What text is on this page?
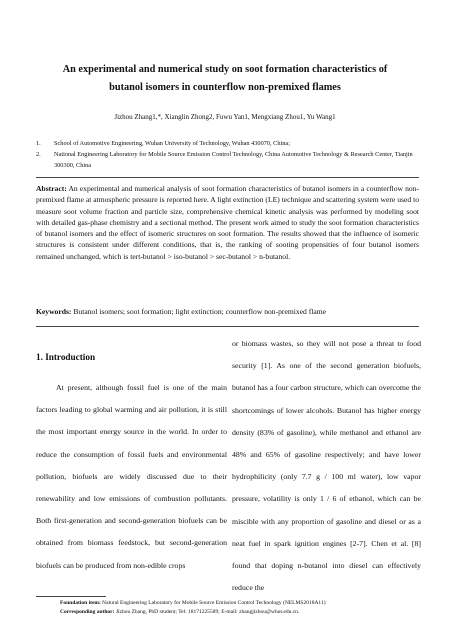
An experimental and numerical study on soot formation characteristics of
butanol isomers in counterflow non-premixed flames
Jizhou Zhang1,*, Xianglin Zhong2, Fuwu Yan1, Mengxiang Zhou1, Yu Wang1
1.	School of Automotive Engineering, Wuhan University of Technology, Wuhan 430070, China;
2.	National Engineering Laboratory for Mobile Source Emission Control Technology, China Automotive Technology & Research Center, Tianjin 300300, China

Abstract: An experimental and numerical analysis of soot formation characteristics of butanol isomers in a counterflow non-premixed flame at atmospheric pressure is reported here. A light extinction (LE) technique and scattering system were used to measure soot volume fraction and particle size, comprehensive chemical kinetic analysis was performed by modeling soot with detailed gas-phase chemistry and a sectional method. The present work aimed to study the soot formation characteristics of butanol isomers and the effect of isomeric structures on soot formation. The results showed that the influence of isomeric structures is consistent under different conditions, that is, the ranking of sooting propensities of four butanol isomers remained unchanged, which is tert-butanol > iso-butanol > sec-butanol > n-butanol.

Keywords: Butanol isomers; soot formation; light extinction; counterflow non-premixed flame
1. Introduction

At present, although fossil fuel is one of the main factors leading to global warming and air pollution, it is still the most important energy source in the world. In order to reduce the consumption of fossil fuels and environmental pollution, biofuels are widely discussed due to their renewability and low emissions of combustion pollutants. Both first-generation and second-generation biofuels can be obtained from biomass feedstock, but second-generation biofuels can be produced from non-edible crops

or biomass wastes, so they will not pose a threat to food security [1]. As one of the second generation biofuels, butanol has a four carbon structure, which can overcome the shortcomings of lower alcohols. Butanol has higher energy density (83% of gasoline), while methanol and ethanol are 48% and 65% of gasoline respectively; and have lower hydrophilicity (only 7.7 g / 100 ml water), low vapor pressure, volatility is only 1 / 6 of ethanol, which can be miscible with any proportion of gasoline and diesel or as a neat fuel in spark ignition engines [2-7]. Chen et al. [8] found that doping n-butanol into diesel can effectively reduce the

Foundation item: Natural Engineering Laboratory for Mobile Source Emission Control Technology (NELMS2018A11)
Corresponding author: Jizhou Zhang, PhD student; Tel: 18171225589; E-mail: zhangjizhou@whut.edu.cn.
